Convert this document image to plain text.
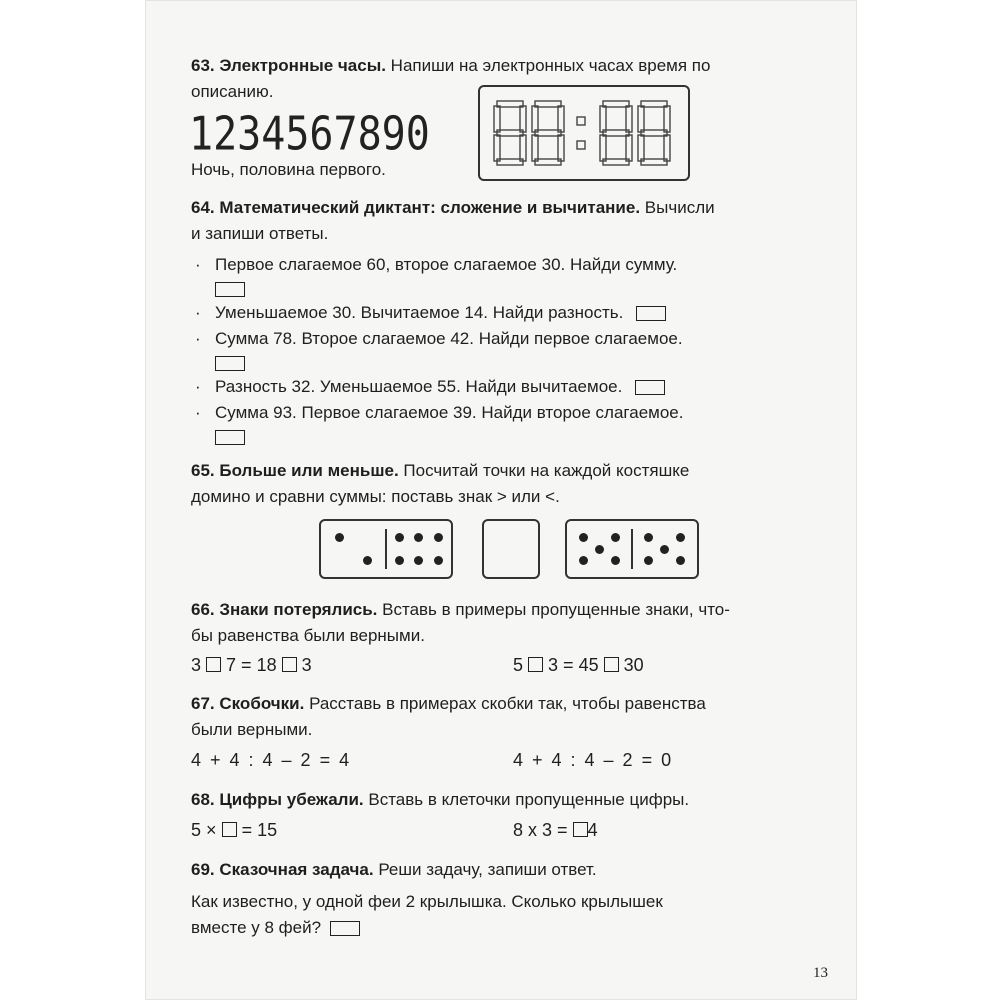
63. Электронные часы. Напиши на электронных часах время по
описанию.
1234567890
Ночь, половина первого.
64. Математический диктант: сложение и вычитание. Вычисли
и запиши ответы.
· Первое слагаемое 60, второе слагаемое 30. Найди сумму.
· Уменьшаемое 30. Вычитаемое 14. Найди разность.
· Сумма 78. Второе слагаемое 42. Найди первое слагаемое.
· Разность 32. Уменьшаемое 55. Найди вычитаемое.
· Сумма 93. Первое слагаемое 39. Найди второе слагаемое.
65. Больше или меньше. Посчитай точки на каждой костяшке
домино и сравни суммы: поставь знак > или <.
66. Знаки потерялись. Вставь в примеры пропущенные знаки, что-
бы равенства были верными.
3 7 = 18 3	5 3 = 45 30
67. Скобочки. Расставь в примерах скобки так, чтобы равенства
были верными.
4 + 4 : 4 – 2 = 4	4 + 4 : 4 – 2 = 0
68. Цифры убежали. Вставь в клеточки пропущенные цифры.
5 × = 15	8 x 3 = 4
69. Сказочная задача. Реши задачу, запиши ответ.
Как известно, у одной феи 2 крылышка. Сколько крылышек
вместе у 8 фей?
13
